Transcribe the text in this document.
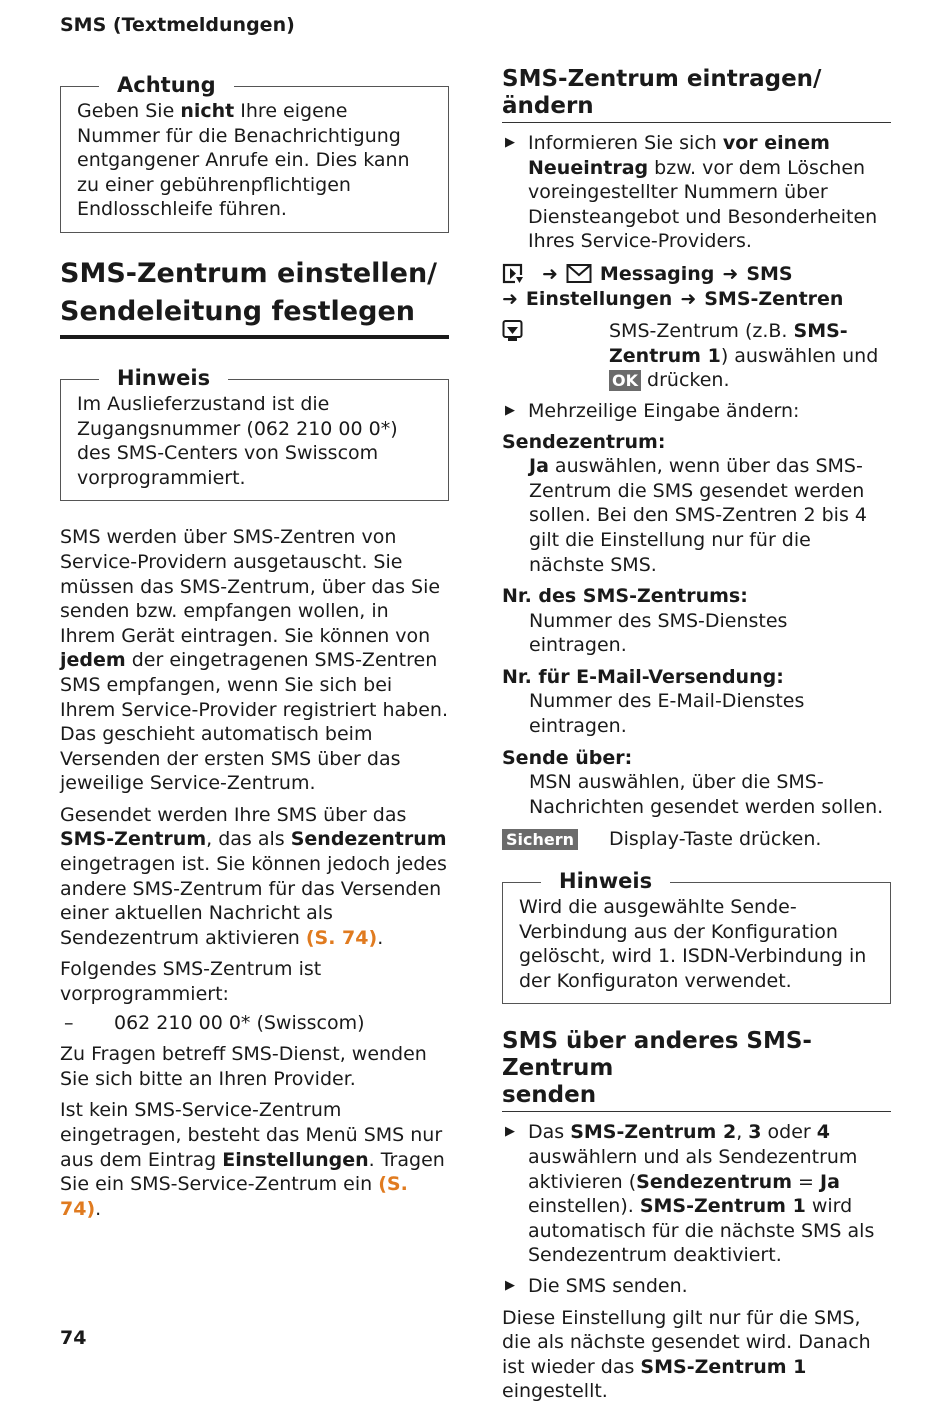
SMS (Textmeldungen)
Achtung

Geben Sie nicht Ihre eigene Nummer für die Benachrichtigung entgangener Anrufe ein. Dies kann zu einer gebührenpflichtigen Endlosschleife führen.

SMS-Zentrum einstellen/
Sendeleitung festlegen
Hinweis

Im Auslieferzustand ist die Zugangsnummer (062 210 00 0*) des SMS-Centers von Swisscom vorprogrammiert.

SMS werden über SMS-Zentren von Service-Providern ausgetauscht. Sie müssen das SMS-Zentrum, über das Sie senden bzw. empfangen wollen, in Ihrem Gerät eintragen. Sie können von jedem der eingetragenen SMS-Zentren SMS empfangen, wenn Sie sich bei Ihrem Service-Provider registriert haben. Das geschieht automatisch beim Versenden der ersten SMS über das jeweilige Service-Zentrum.

Gesendet werden Ihre SMS über das SMS-Zentrum, das als Sendezentrum eingetragen ist. Sie können jedoch jedes andere SMS-Zentrum für das Versenden einer aktuellen Nachricht als Sendezentrum aktivieren (S. 74).

Folgendes SMS-Zentrum ist vorprogrammiert:

–	062 210 00 0* (Swisscom)

Zu Fragen betreff SMS-Dienst, wenden Sie sich bitte an Ihren Provider.

Ist kein SMS-Service-Zentrum eingetragen, besteht das Menü SMS nur aus dem Eintrag Einstellungen. Tragen Sie ein SMS-Service-Zentrum ein (S. 74).

SMS-Zentrum eintragen/ändern
▶ Informieren Sie sich vor einem Neueintrag bzw. vor dem Löschen voreingestellter Nummern über Diensteangebot und Besonderheiten Ihres Service-Providers.
➜ Messaging ➜ SMS
➜ Einstellungen ➜ SMS-Zentren
SMS-Zentrum (z.B. SMS-Zentrum 1) auswählen und OK drücken.
▶ Mehrzeilige Eingabe ändern:
Sendezentrum:
Ja auswählen, wenn über das SMS-Zentrum die SMS gesendet werden sollen. Bei den SMS-Zentren 2 bis 4 gilt die Einstellung nur für die nächste SMS.
Nr. des SMS-Zentrums:
Nummer des SMS-Dienstes eintragen.
Nr. für E-Mail-Versendung:
Nummer des E-Mail-Dienstes eintragen.
Sende über:
MSN auswählen, über die SMS-Nachrichten gesendet werden sollen.
Sichern	Display-Taste drücken.
Hinweis

Wird die ausgewählte Sende-Verbindung aus der Konfiguration gelöscht, wird 1. ISDN-Verbindung in der Konfiguraton verwendet.

SMS über anderes SMS-Zentrum
senden
▶ Das SMS-Zentrum 2, 3 oder 4 auswählern und als Sendezentrum aktivieren (Sendezentrum = Ja einstellen). SMS-Zentrum 1 wird automatisch für die nächste SMS als Sendezentrum deaktiviert.
▶ Die SMS senden.

Diese Einstellung gilt nur für die SMS, die als nächste gesendet wird. Danach ist wieder das SMS-Zentrum 1 eingestellt.

74
